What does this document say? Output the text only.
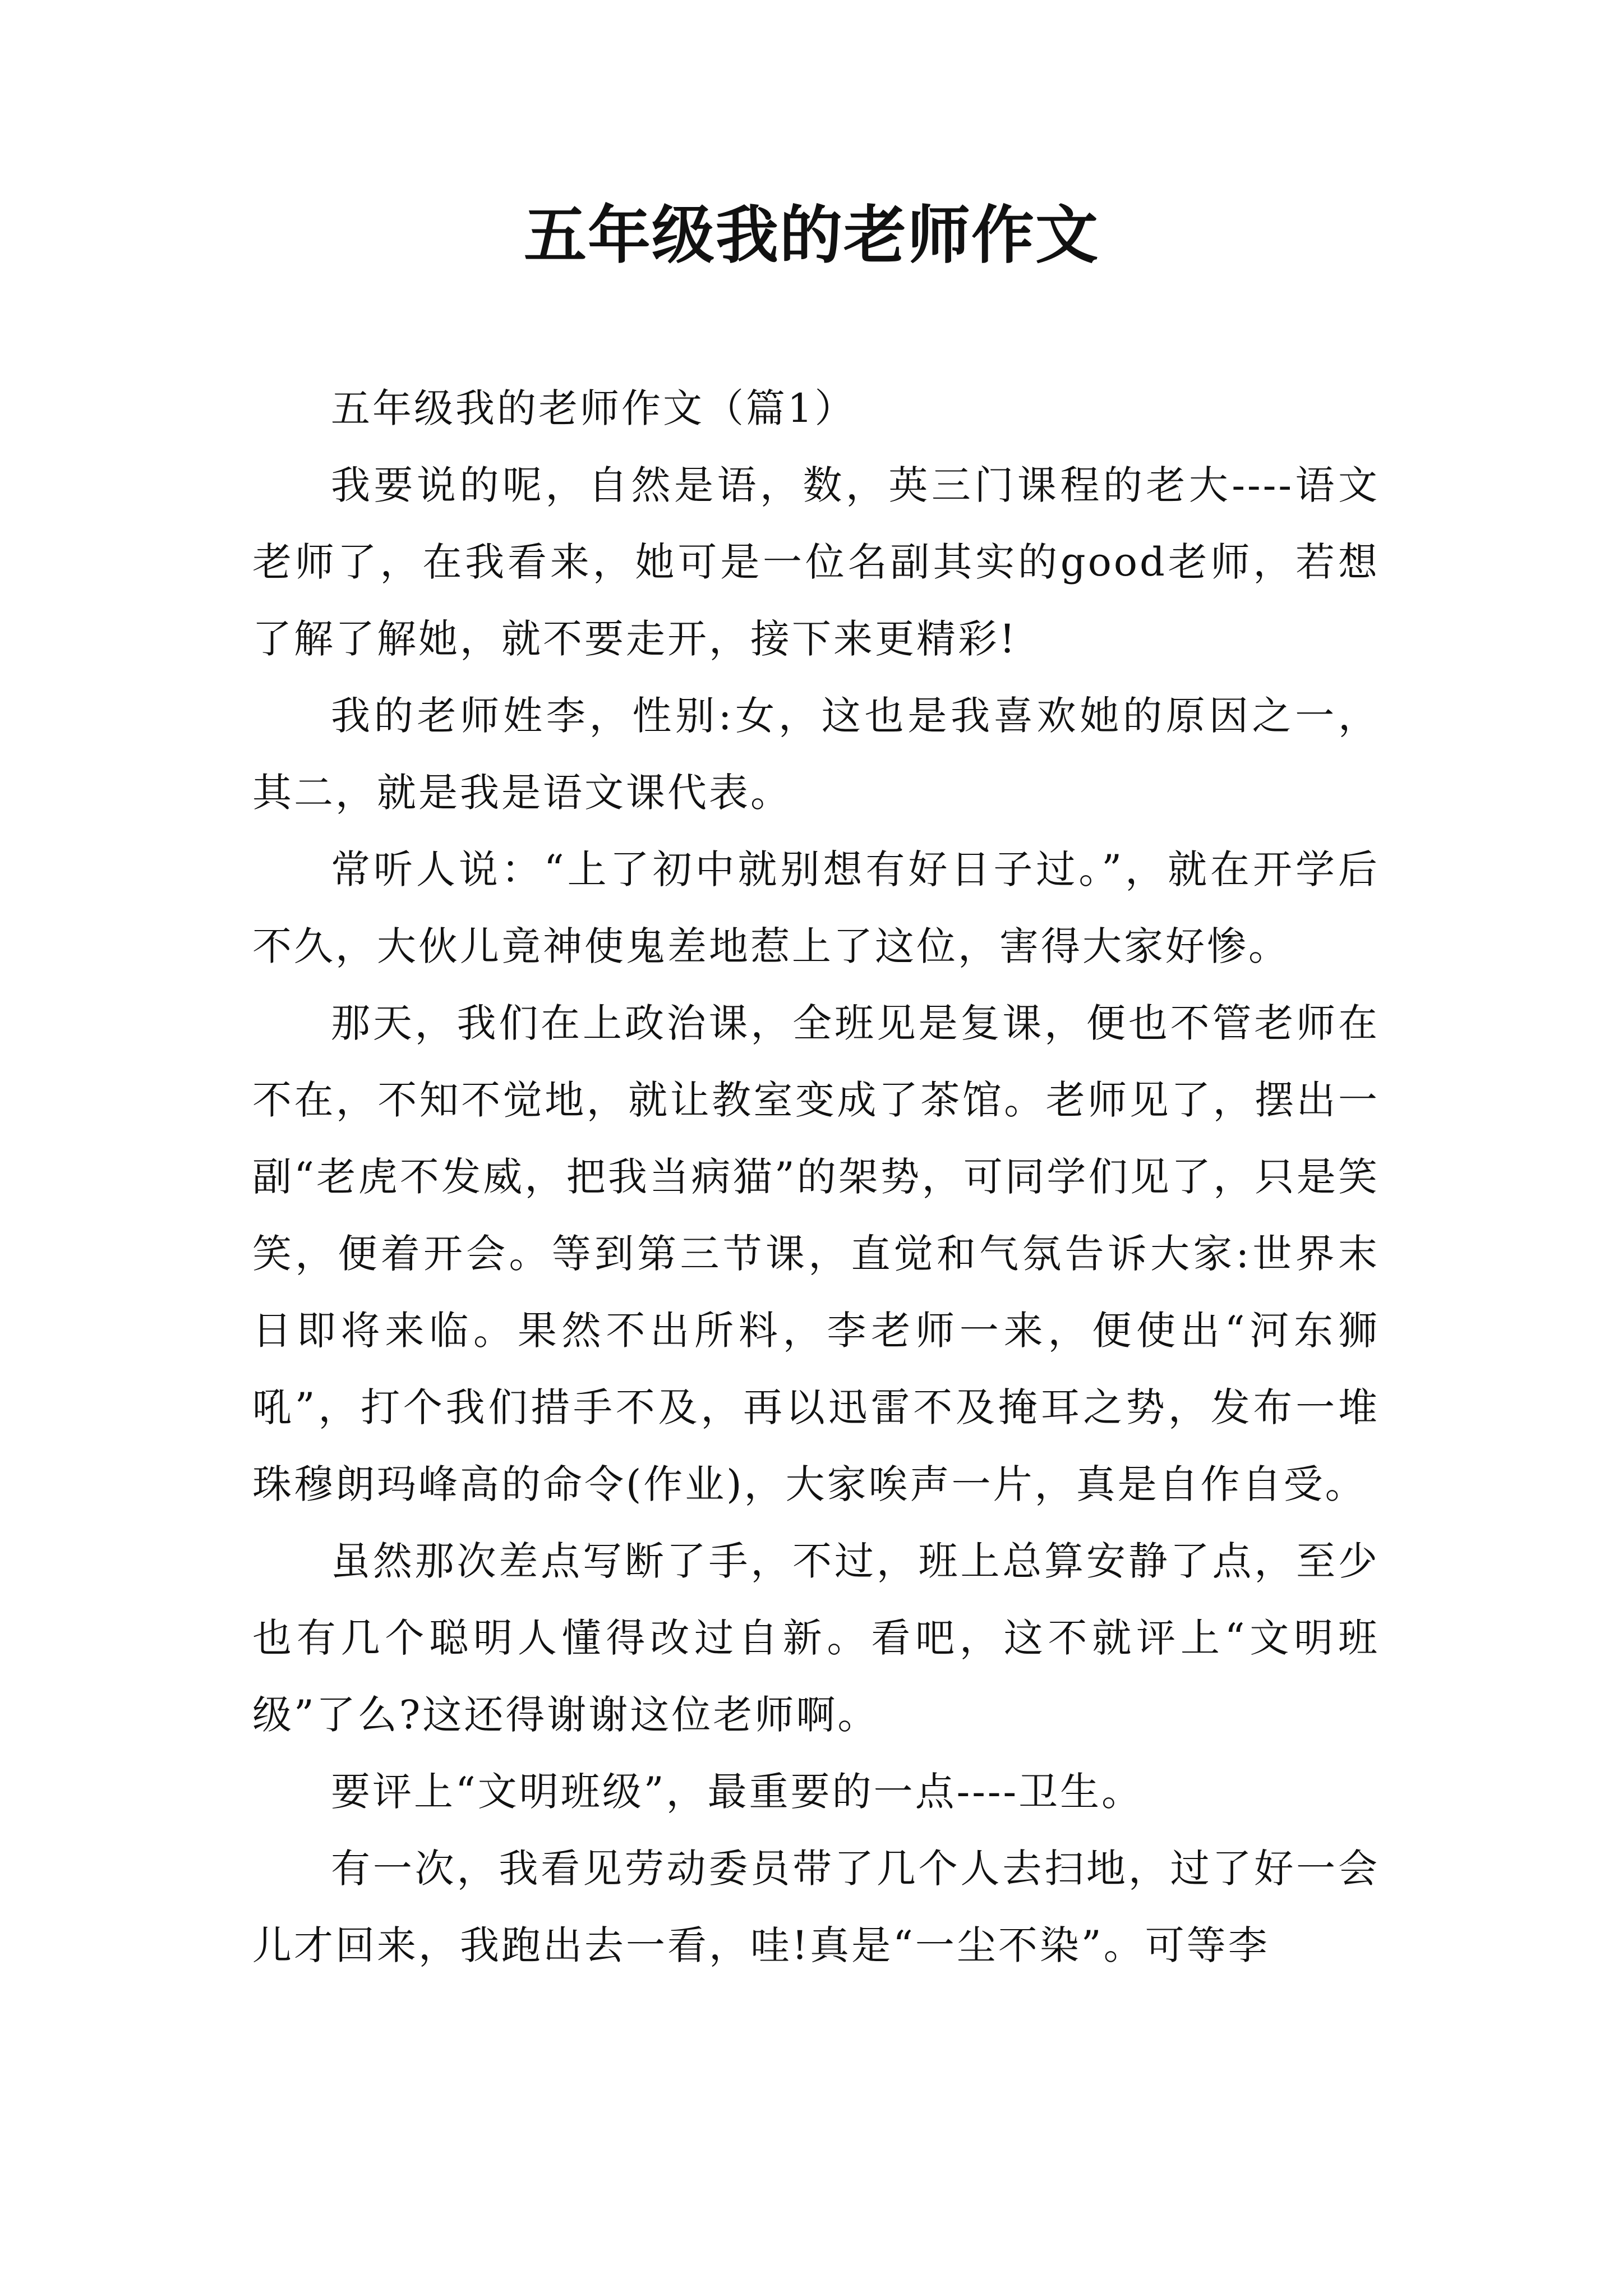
五年级我的老师作文

五年级我的老师作文（篇1）

我要说的呢，自然是语，数，英三门课程的老大----语文老师了，在我看来，她可是一位名副其实的good老师，若想了解了解她，就不要走开，接下来更精彩!

我的老师姓李，性别:女，这也是我喜欢她的原因之一，其二，就是我是语文课代表。

常听人说：“上了初中就别想有好日子过。”，就在开学后不久，大伙儿竟神使鬼差地惹上了这位，害得大家好惨。

那天，我们在上政治课，全班见是复课，便也不管老师在不在，不知不觉地，就让教室变成了茶馆。老师见了，摆出一副“老虎不发威，把我当病猫”的架势，可同学们见了，只是笑笑，便着开会。等到第三节课，直觉和气氛告诉大家:世界末日即将来临。果然不出所料，李老师一来，便使出“河东狮吼”，打个我们措手不及，再以迅雷不及掩耳之势，发布一堆珠穆朗玛峰高的命令(作业)，大家唉声一片，真是自作自受。

虽然那次差点写断了手，不过，班上总算安静了点，至少也有几个聪明人懂得改过自新。看吧，这不就评上“文明班级”了么?这还得谢谢这位老师啊。

要评上“文明班级”，最重要的一点----卫生。

有一次，我看见劳动委员带了几个人去扫地，过了好一会儿才回来，我跑出去一看，哇!真是“一尘不染”。可等李
